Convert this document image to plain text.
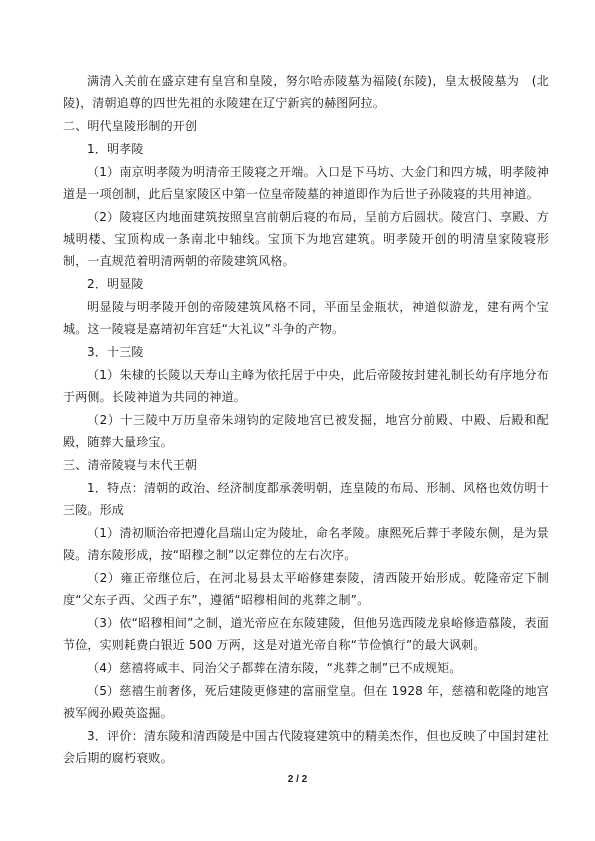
满清入关前在盛京建有皇宫和皇陵，努尔哈赤陵墓为福陵(东陵)，皇太极陵墓为　(北陵)，清朝追尊的四世先祖的永陵建在辽宁新宾的赫图阿拉。

二、明代皇陵形制的开创

1．明孝陵

（1）南京明孝陵为明清帝王陵寝之开端。入口是下马坊、大金门和四方城，明孝陵神道是一项创制，此后皇家陵区中第一位皇帝陵墓的神道即作为后世子孙陵寝的共用神道。

（2）陵寝区内地面建筑按照皇宫前朝后寝的布局，呈前方后圆状。陵宫门、享殿、方城明楼、宝顶构成一条南北中轴线。宝顶下为地宫建筑。明孝陵开创的明清皇家陵寝形 制，一直规范着明清两朝的帝陵建筑风格。

2．明显陵

明显陵与明孝陵开创的帝陵建筑风格不同，平面呈金瓶状，神道似游龙，建有两个宝城。这一陵寝是嘉靖初年宫廷“大礼议”斗争的产物。

3．十三陵

（1）朱棣的长陵以天寿山主峰为依托居于中央，此后帝陵按封建礼制长幼有序地分布于两侧。长陵神道为共同的神道。

（2）十三陵中万历皇帝朱翊钧的定陵地宫已被发掘，地宫分前殿、中殿、后殿和配殿，随葬大量珍宝。

三、清帝陵寝与末代王朝

1．特点：清朝的政治、经济制度都承袭明朝，连皇陵的布局、形制、风格也效仿明十三陵。形成

（1）清初顺治帝把遵化昌瑞山定为陵址，命名孝陵。康熙死后葬于孝陵东侧，是为景陵。清东陵形成，按“昭穆之制”以定葬位的左右次序。

（2）雍正帝继位后，在河北易县太平峪修建泰陵，清西陵开始形成。乾隆帝定下制度“父东子西、父西子东”，遵循“昭穆相间的兆葬之制”。

（3）依“昭穆相间”之制，道光帝应在东陵建陵，但他另选西陵龙泉峪修造慕陵，表面节俭，实则耗费白银近 500 万两，这是对道光帝自称“节俭慎行”的最大讽刺。

（4）慈禧将咸丰、同治父子都葬在清东陵，“兆葬之制”已不成规矩。

（5）慈禧生前奢侈，死后建陵更修建的富丽堂皇。但在 1928 年，慈禧和乾隆的地宫被军阀孙殿英盗掘。

3．评价：清东陵和清西陵是中国古代陵寝建筑中的精美杰作，但也反映了中国封建社会后期的腐朽衰败。

2 / 2
